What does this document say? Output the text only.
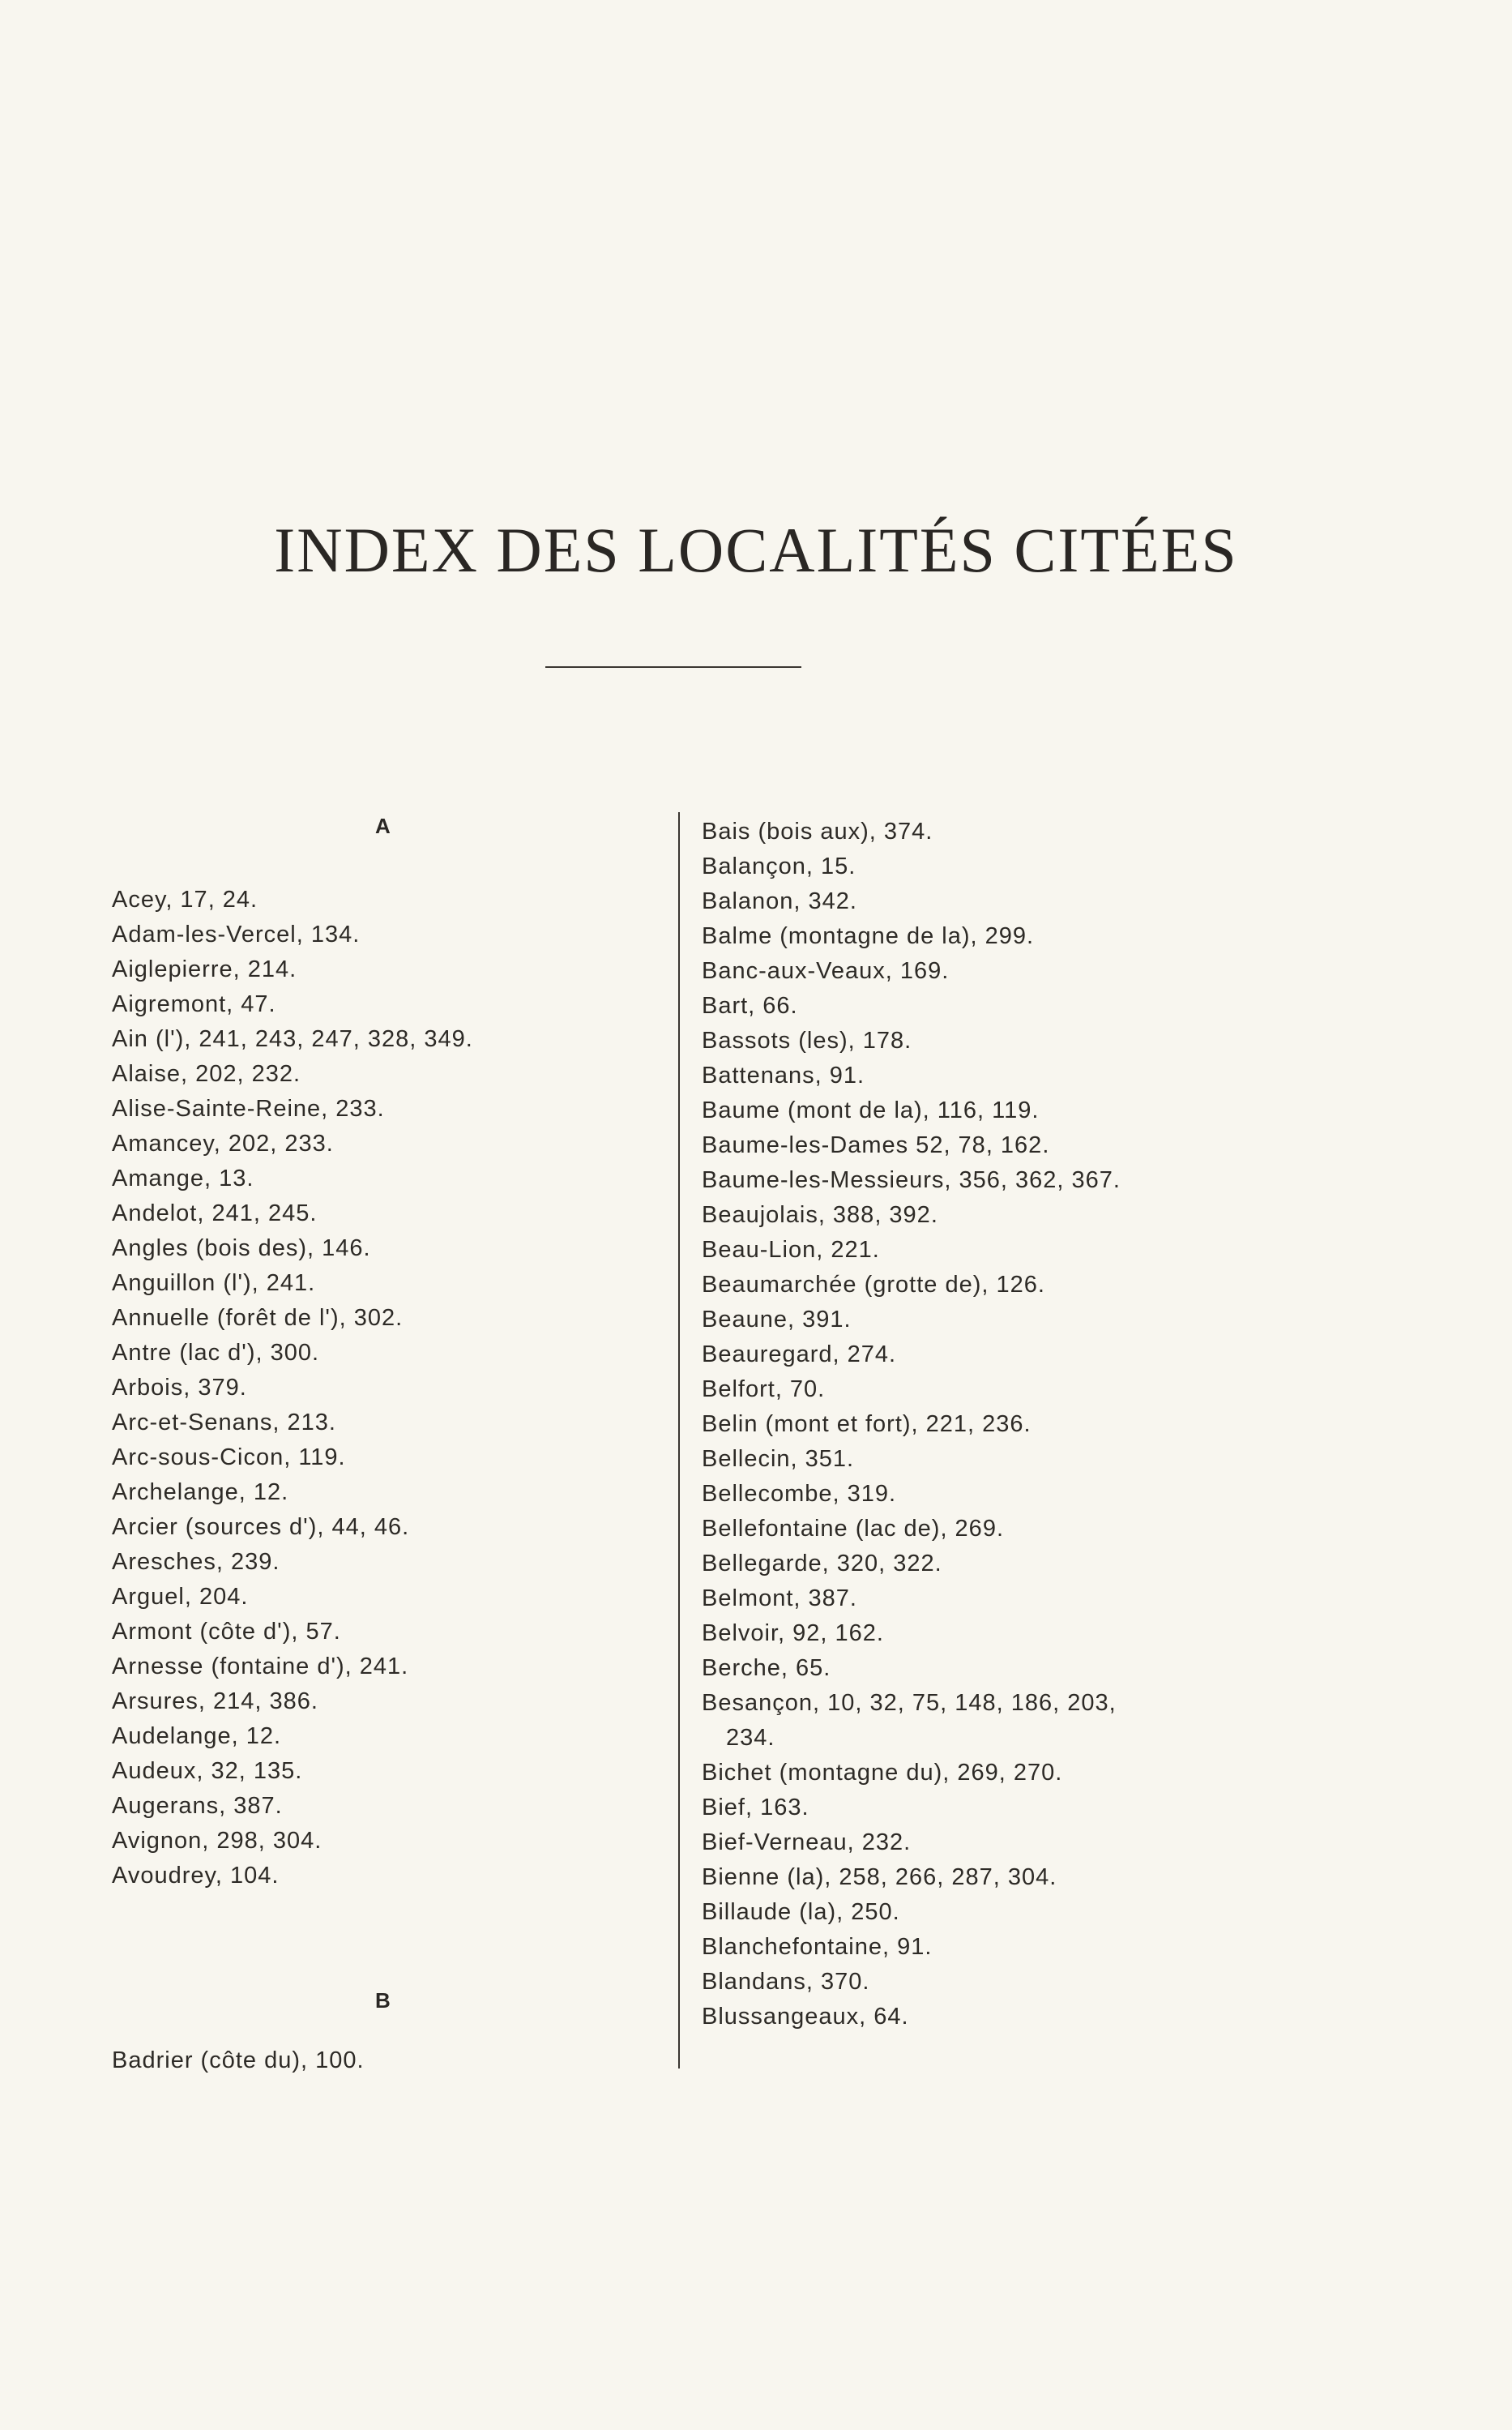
INDEX DES LOCALITÉS CITÉES
A
Acey, 17, 24.
Adam-les-Vercel, 134.
Aiglepierre, 214.
Aigremont, 47.
Ain (l'), 241, 243, 247, 328, 349.
Alaise, 202, 232.
Alise-Sainte-Reine, 233.
Amancey, 202, 233.
Amange, 13.
Andelot, 241, 245.
Angles (bois des), 146.
Anguillon (l'), 241.
Annuelle (forêt de l'), 302.
Antre (lac d'), 300.
Arbois, 379.
Arc-et-Senans, 213.
Arc-sous-Cicon, 119.
Archelange, 12.
Arcier (sources d'), 44, 46.
Aresches, 239.
Arguel, 204.
Armont (côte d'), 57.
Arnesse (fontaine d'), 241.
Arsures, 214, 386.
Audelange, 12.
Audeux, 32, 135.
Augerans, 387.
Avignon, 298, 304.
Avoudrey, 104.
B
Badrier (côte du), 100.
Bais (bois aux), 374.
Balançon, 15.
Balanon, 342.
Balme (montagne de la), 299.
Banc-aux-Veaux, 169.
Bart, 66.
Bassots (les), 178.
Battenans, 91.
Baume (mont de la), 116, 119.
Baume-les-Dames 52, 78, 162.
Baume-les-Messieurs, 356, 362, 367.
Beaujolais, 388, 392.
Beau-Lion, 221.
Beaumarchée (grotte de), 126.
Beaune, 391.
Beauregard, 274.
Belfort, 70.
Belin (mont et fort), 221, 236.
Bellecin, 351.
Bellecombe, 319.
Bellefontaine (lac de), 269.
Bellegarde, 320, 322.
Belmont, 387.
Belvoir, 92, 162.
Berche, 65.
Besançon, 10, 32, 75, 148, 186, 203,
234.
Bichet (montagne du), 269, 270.
Bief, 163.
Bief-Verneau, 232.
Bienne (la), 258, 266, 287, 304.
Billaude (la), 250.
Blanchefontaine, 91.
Blandans, 370.
Blussangeaux, 64.
